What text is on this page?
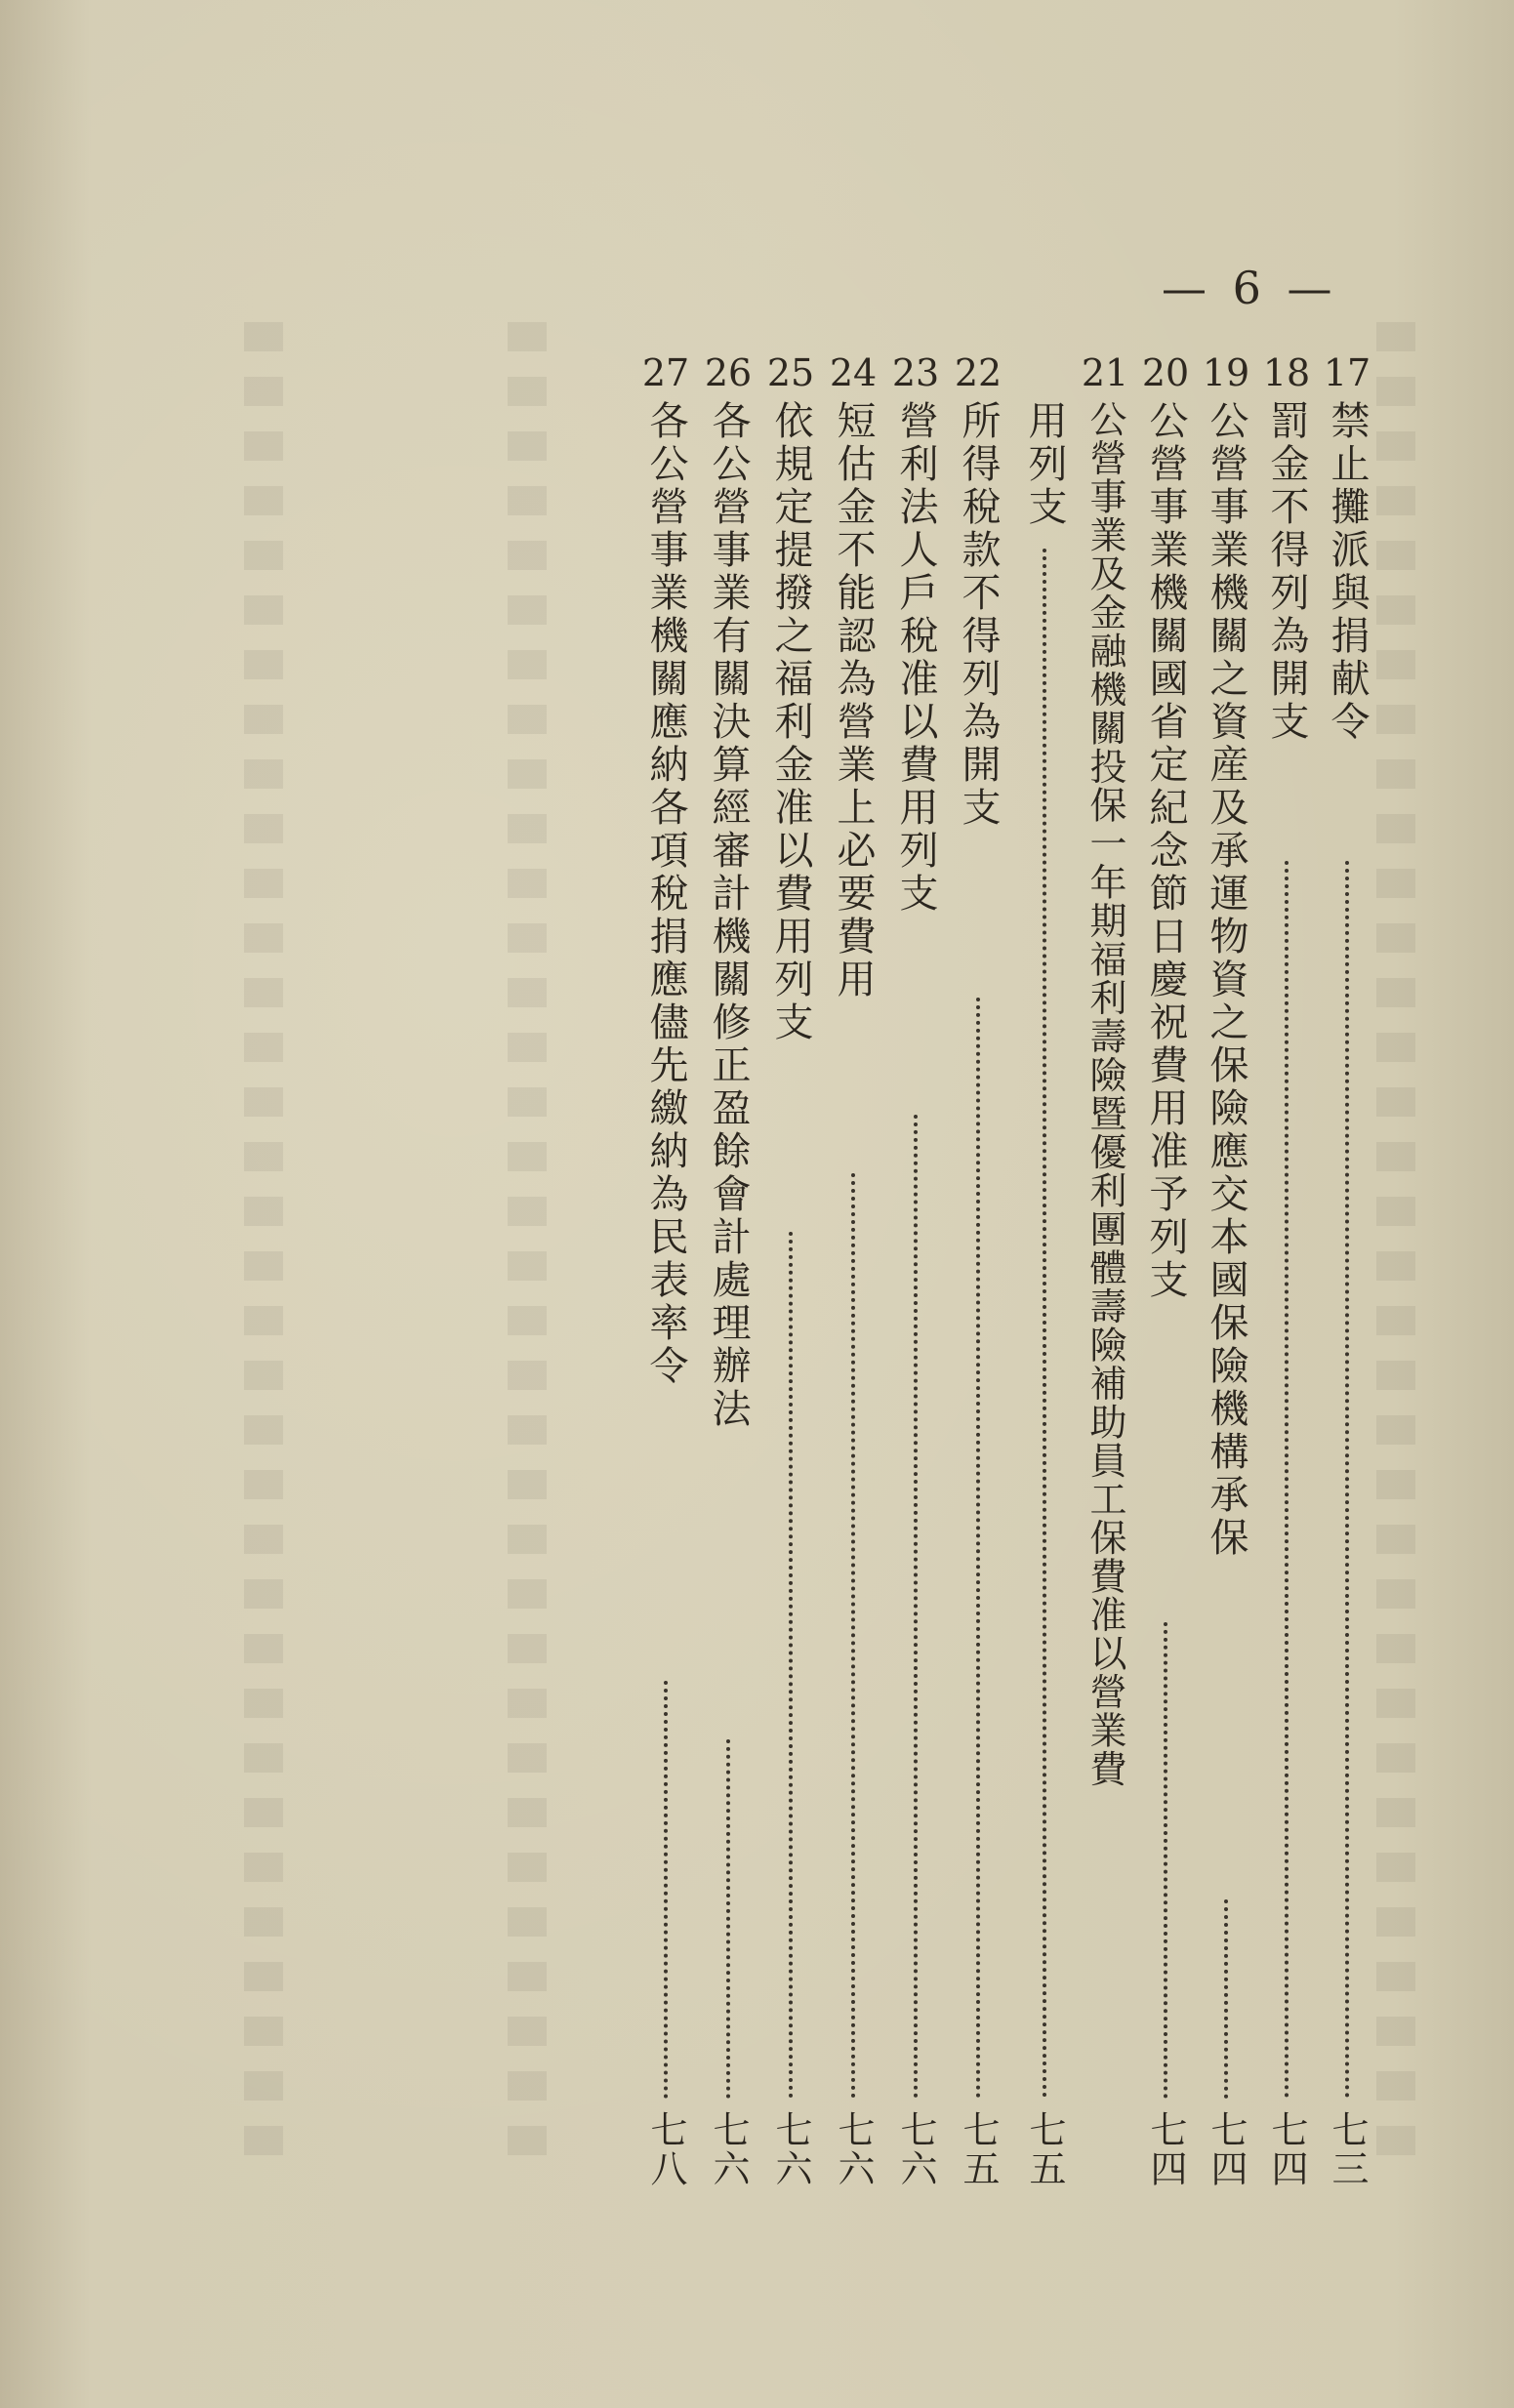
— 6 —
17
禁止攤派與捐献令
七三
18
罰金不得列為開支
七四
19
公營事業機關之資産及承運物資之保險應交本國保險機構承保
七四
20
公營事業機關國省定紀念節日慶祝費用准予列支
七四
21
公營事業及金融機關投保一年期福利壽險暨優利團體壽險補助員工保費准以營業費
用列支
七五
22
所得稅款不得列為開支
七五
23
營利法人戶稅准以費用列支
七六
24
短估金不能認為營業上必要費用
七六
25
依規定提撥之福利金准以費用列支
七六
26
各公營事業有關決算經審計機關修正盈餘會計處理辦法
七六
27
各公營事業機關應納各項稅捐應儘先繳納為民表率令
七八
